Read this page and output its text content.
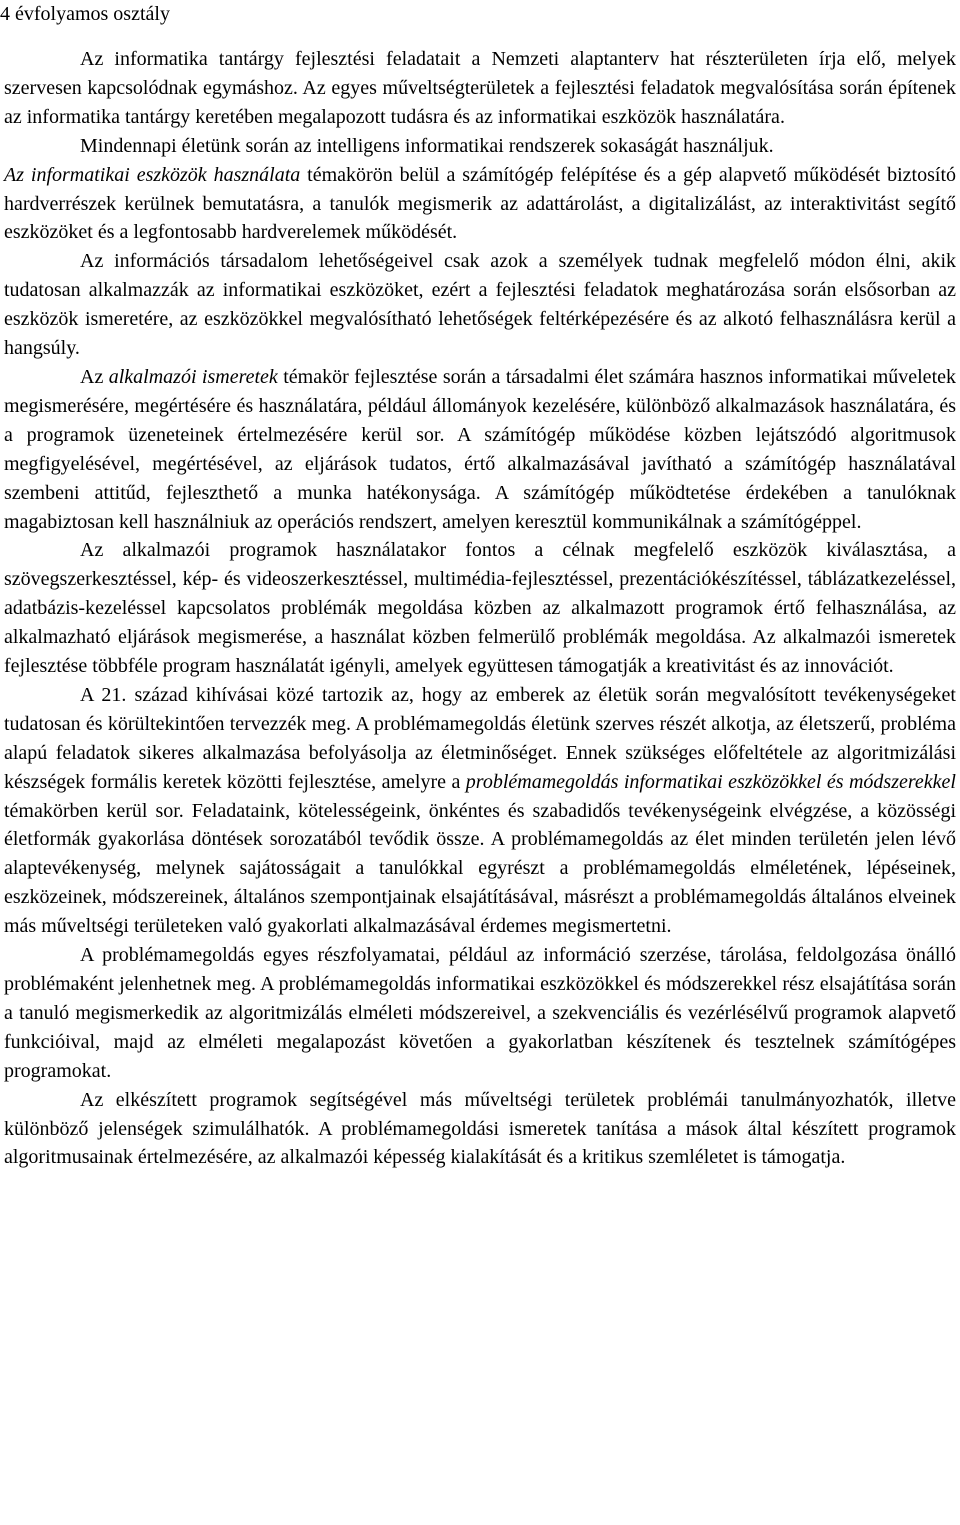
4 évfolyamos osztály

Az informatika tantárgy fejlesztési feladatait a Nemzeti alaptanterv hat részterületen írja elő, melyek szervesen kapcsolódnak egymáshoz. Az egyes műveltségterületek a fejlesztési feladatok megvalósítása során építenek az informatika tantárgy keretében megalapozott tudásra és az informatikai eszközök használatára.

Mindennapi életünk során az intelligens informatikai rendszerek sokaságát használjuk.

Az informatikai eszközök használata témakörön belül a számítógép felépítése és a gép alapvető működését biztosító hardverrészek kerülnek bemutatásra, a tanulók megismerik az adattárolást, a digitalizálást, az interaktivitást segítő eszközöket és a legfontosabb hardverelemek működését.

Az információs társadalom lehetőségeivel csak azok a személyek tudnak megfelelő módon élni, akik tudatosan alkalmazzák az informatikai eszközöket, ezért a fejlesztési feladatok meghatározása során elsősorban az eszközök ismeretére, az eszközökkel megvalósítható lehetőségek feltérképezésére és az alkotó felhasználásra kerül a hangsúly.

Az alkalmazói ismeretek témakör fejlesztése során a társadalmi élet számára hasznos informatikai műveletek megismerésére, megértésére és használatára, például állományok kezelésére, különböző alkalmazások használatára, és a programok üzeneteinek értelmezésére kerül sor. A számítógép működése közben lejátszódó algoritmusok megfigyelésével, megértésével, az eljárások tudatos, értő alkalmazásával javítható a számítógép használatával szembeni attitűd, fejleszthető a munka hatékonysága. A számítógép működtetése érdekében a tanulóknak magabiztosan kell használniuk az operációs rendszert, amelyen keresztül kommunikálnak a számítógéppel.

Az alkalmazói programok használatakor fontos a célnak megfelelő eszközök kiválasztása, a szövegszerkesztéssel, kép- és videoszerkesztéssel, multimédia-fejlesztéssel, prezentációkészítéssel, táblázatkezeléssel, adatbázis-kezeléssel kapcsolatos problémák megoldása közben az alkalmazott programok értő felhasználása, az alkalmazható eljárások megismerése, a használat közben felmerülő problémák megoldása. Az alkalmazói ismeretek fejlesztése többféle program használatát igényli, amelyek együttesen támogatják a kreativitást és az innovációt.

A 21. század kihívásai közé tartozik az, hogy az emberek az életük során megvalósított tevékenységeket tudatosan és körültekintően tervezzék meg. A problémamegoldás életünk szerves részét alkotja, az életszerű, probléma alapú feladatok sikeres alkalmazása befolyásolja az életminőséget. Ennek szükséges előfeltétele az algoritmizálási készségek formális keretek közötti fejlesztése, amelyre a problémamegoldás informatikai eszközökkel és módszerekkel témakörben kerül sor. Feladataink, kötelességeink, önkéntes és szabadidős tevékenységeink elvégzése, a közösségi életformák gyakorlása döntések sorozatából tevődik össze. A problémamegoldás az élet minden területén jelen lévő alaptevékenység, melynek sajátosságait a tanulókkal egyrészt a problémamegoldás elméletének, lépéseinek, eszközeinek, módszereinek, általános szempontjainak elsajátításával, másrészt a problémamegoldás általános elveinek más műveltségi területeken való gyakorlati alkalmazásával érdemes megismertetni.

A problémamegoldás egyes részfolyamatai, például az információ szerzése, tárolása, feldolgozása önálló problémaként jelenhetnek meg. A problémamegoldás informatikai eszközökkel és módszerekkel rész elsajátítása során a tanuló megismerkedik az algoritmizálás elméleti módszereivel, a szekvenciális és vezérlésélvű programok alapvető funkcióival, majd az elméleti megalapozást követően a gyakorlatban készítenek és tesztelnek számítógépes programokat.

Az elkészített programok segítségével más műveltségi területek problémái tanulmányozhatók, illetve különböző jelenségek szimulálhatók. A problémamegoldási ismeretek tanítása a mások által készített programok algoritmusainak értelmezésére, az alkalmazói képesség kialakítását és a kritikus szemléletet is támogatja.
